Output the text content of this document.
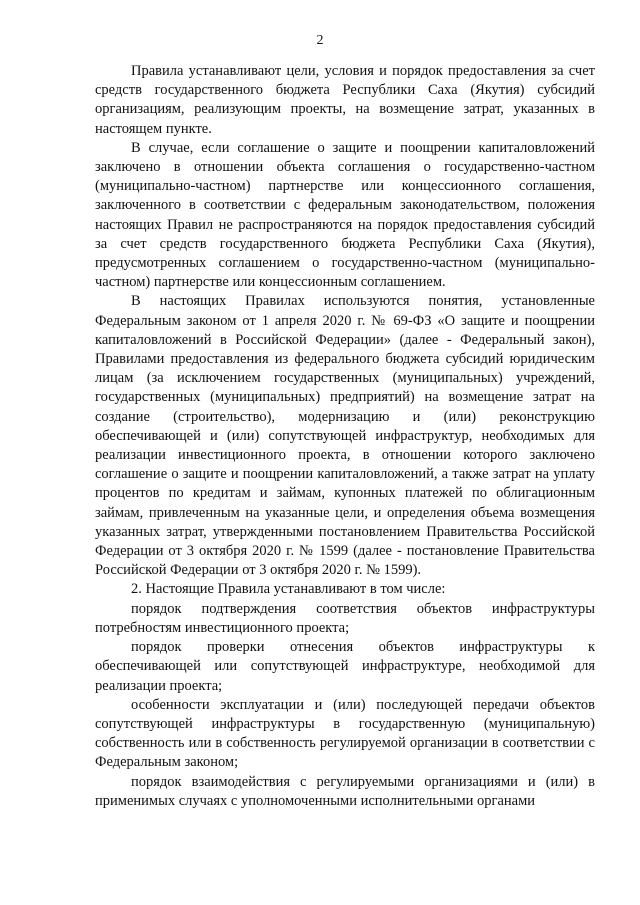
2

Правила устанавливают цели, условия и порядок предоставления за счет средств государственного бюджета Республики Саха (Якутия) субсидий организациям, реализующим проекты, на возмещение затрат, указанных в настоящем пункте.

В случае, если соглашение о защите и поощрении капиталовложений заключено в отношении объекта соглашения о государственно-частном (муниципально-частном) партнерстве или концессионного соглашения, заключенного в соответствии с федеральным законодательством, положения настоящих Правил не распространяются на порядок предоставления субсидий за счет средств государственного бюджета Республики Саха (Якутия), предусмотренных соглашением о государственно-частном (муниципально-частном) партнерстве или концессионным соглашением.

В настоящих Правилах используются понятия, установленные Федеральным законом от 1 апреля 2020 г. № 69-ФЗ «О защите и поощрении капиталовложений в Российской Федерации» (далее - Федеральный закон), Правилами предоставления из федерального бюджета субсидий юридическим лицам (за исключением государственных (муниципальных) учреждений, государственных (муниципальных) предприятий) на возмещение затрат на создание (строительство), модернизацию и (или) реконструкцию обеспечивающей и (или) сопутствующей инфраструктур, необходимых для реализации инвестиционного проекта, в отношении которого заключено соглашение о защите и поощрении капиталовложений, а также затрат на уплату процентов по кредитам и займам, купонных платежей по облигационным займам, привлеченным на указанные цели, и определения объема возмещения указанных затрат, утвержденными постановлением Правительства Российской Федерации от 3 октября 2020 г. № 1599 (далее - постановление Правительства Российской Федерации от 3 октября 2020 г. № 1599).

2. Настоящие Правила устанавливают в том числе:

порядок подтверждения соответствия объектов инфраструктуры потребностям инвестиционного проекта;

порядок проверки отнесения объектов инфраструктуры к обеспечивающей или сопутствующей инфраструктуре, необходимой для реализации проекта;

особенности эксплуатации и (или) последующей передачи объектов сопутствующей инфраструктуры в государственную (муниципальную) собственность или в собственность регулируемой организации в соответствии с Федеральным законом;

порядок взаимодействия с регулируемыми организациями и (или) в применимых случаях с уполномоченными исполнительными органами
